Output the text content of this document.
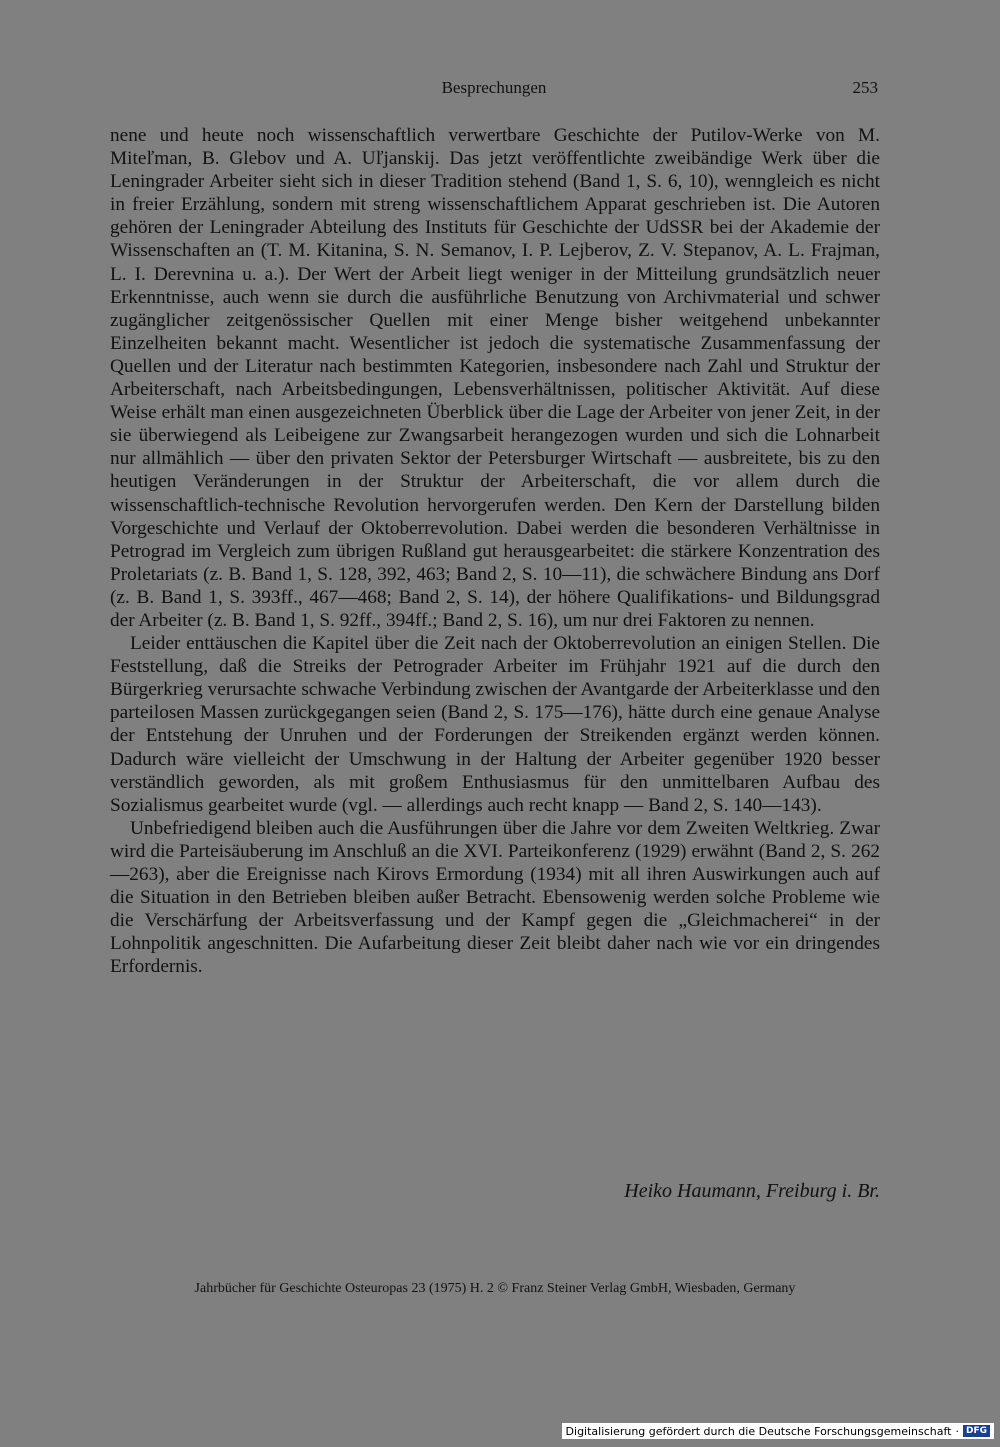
Besprechungen	253

nene und heute noch wissenschaftlich verwertbare Geschichte der Putilov-Werke von M. Miteľman, B. Glebov und A. Uľjanskij. Das jetzt veröffentlichte zweibändige Werk über die Leningrader Arbeiter sieht sich in dieser Tradition stehend (Band 1, S. 6, 10), wenngleich es nicht in freier Erzählung, sondern mit streng wissenschaftlichem Apparat geschrieben ist. Die Autoren gehören der Leningrader Abteilung des Instituts für Geschichte der UdSSR bei der Akademie der Wissenschaften an (T. M. Kitanina, S. N. Semanov, I. P. Lejberov, Z. V. Stepanov, A. L. Frajman, L. I. Derevnina u. a.). Der Wert der Arbeit liegt weniger in der Mitteilung grundsätzlich neuer Erkenntnisse, auch wenn sie durch die ausführliche Benutzung von Archivmaterial und schwer zugänglicher zeitgenössischer Quellen mit einer Menge bisher weitgehend unbekannter Einzelheiten bekannt macht. Wesentlicher ist jedoch die systematische Zusammenfassung der Quellen und der Literatur nach bestimmten Kategorien, insbesondere nach Zahl und Struktur der Arbeiterschaft, nach Arbeitsbedingungen, Lebensverhältnissen, politischer Aktivität. Auf diese Weise erhält man einen ausgezeichneten Überblick über die Lage der Arbeiter von jener Zeit, in der sie überwiegend als Leibeigene zur Zwangsarbeit herangezogen wurden und sich die Lohnarbeit nur allmählich — über den privaten Sektor der Petersburger Wirtschaft — ausbreitete, bis zu den heutigen Veränderungen in der Struktur der Arbeiterschaft, die vor allem durch die wissenschaftlich-technische Revolution hervorgerufen werden. Den Kern der Darstellung bilden Vorgeschichte und Verlauf der Oktoberrevolution. Dabei werden die besonderen Verhältnisse in Petrograd im Vergleich zum übrigen Rußland gut herausgearbeitet: die stärkere Konzentration des Proletariats (z. B. Band 1, S. 128, 392, 463; Band 2, S. 10—11), die schwächere Bindung ans Dorf (z. B. Band 1, S. 393ff., 467—468; Band 2, S. 14), der höhere Qualifikations- und Bildungsgrad der Arbeiter (z. B. Band 1, S. 92ff., 394ff.; Band 2, S. 16), um nur drei Faktoren zu nennen.

Leider enttäuschen die Kapitel über die Zeit nach der Oktoberrevolution an einigen Stellen. Die Feststellung, daß die Streiks der Petrograder Arbeiter im Frühjahr 1921 auf die durch den Bürgerkrieg verursachte schwache Verbindung zwischen der Avantgarde der Arbeiterklasse und den parteilosen Massen zurückgegangen seien (Band 2, S. 175—176), hätte durch eine genaue Analyse der Entstehung der Unruhen und der Forderungen der Streikenden ergänzt werden können. Dadurch wäre vielleicht der Umschwung in der Haltung der Arbeiter gegenüber 1920 besser verständlich geworden, als mit großem Enthusiasmus für den unmittelbaren Aufbau des Sozialismus gearbeitet wurde (vgl. — allerdings auch recht knapp — Band 2, S. 140—143).

Unbefriedigend bleiben auch die Ausführungen über die Jahre vor dem Zweiten Weltkrieg. Zwar wird die Parteisäuberung im Anschluß an die XVI. Parteikonferenz (1929) erwähnt (Band 2, S. 262—263), aber die Ereignisse nach Kirovs Ermordung (1934) mit all ihren Auswirkungen auch auf die Situation in den Betrieben bleiben außer Betracht. Ebensowenig werden solche Probleme wie die Verschärfung der Arbeitsverfassung und der Kampf gegen die „Gleichmacherei“ in der Lohnpolitik angeschnitten. Die Aufarbeitung dieser Zeit bleibt daher nach wie vor ein dringendes Erfordernis.

Heiko Haumann, Freiburg i. Br.
Jahrbücher für Geschichte Osteuropas 23 (1975) H. 2 © Franz Steiner Verlag GmbH, Wiesbaden, Germany
Digitalisierung gefördert durch die Deutsche Forschungsgemeinschaft · DFG
